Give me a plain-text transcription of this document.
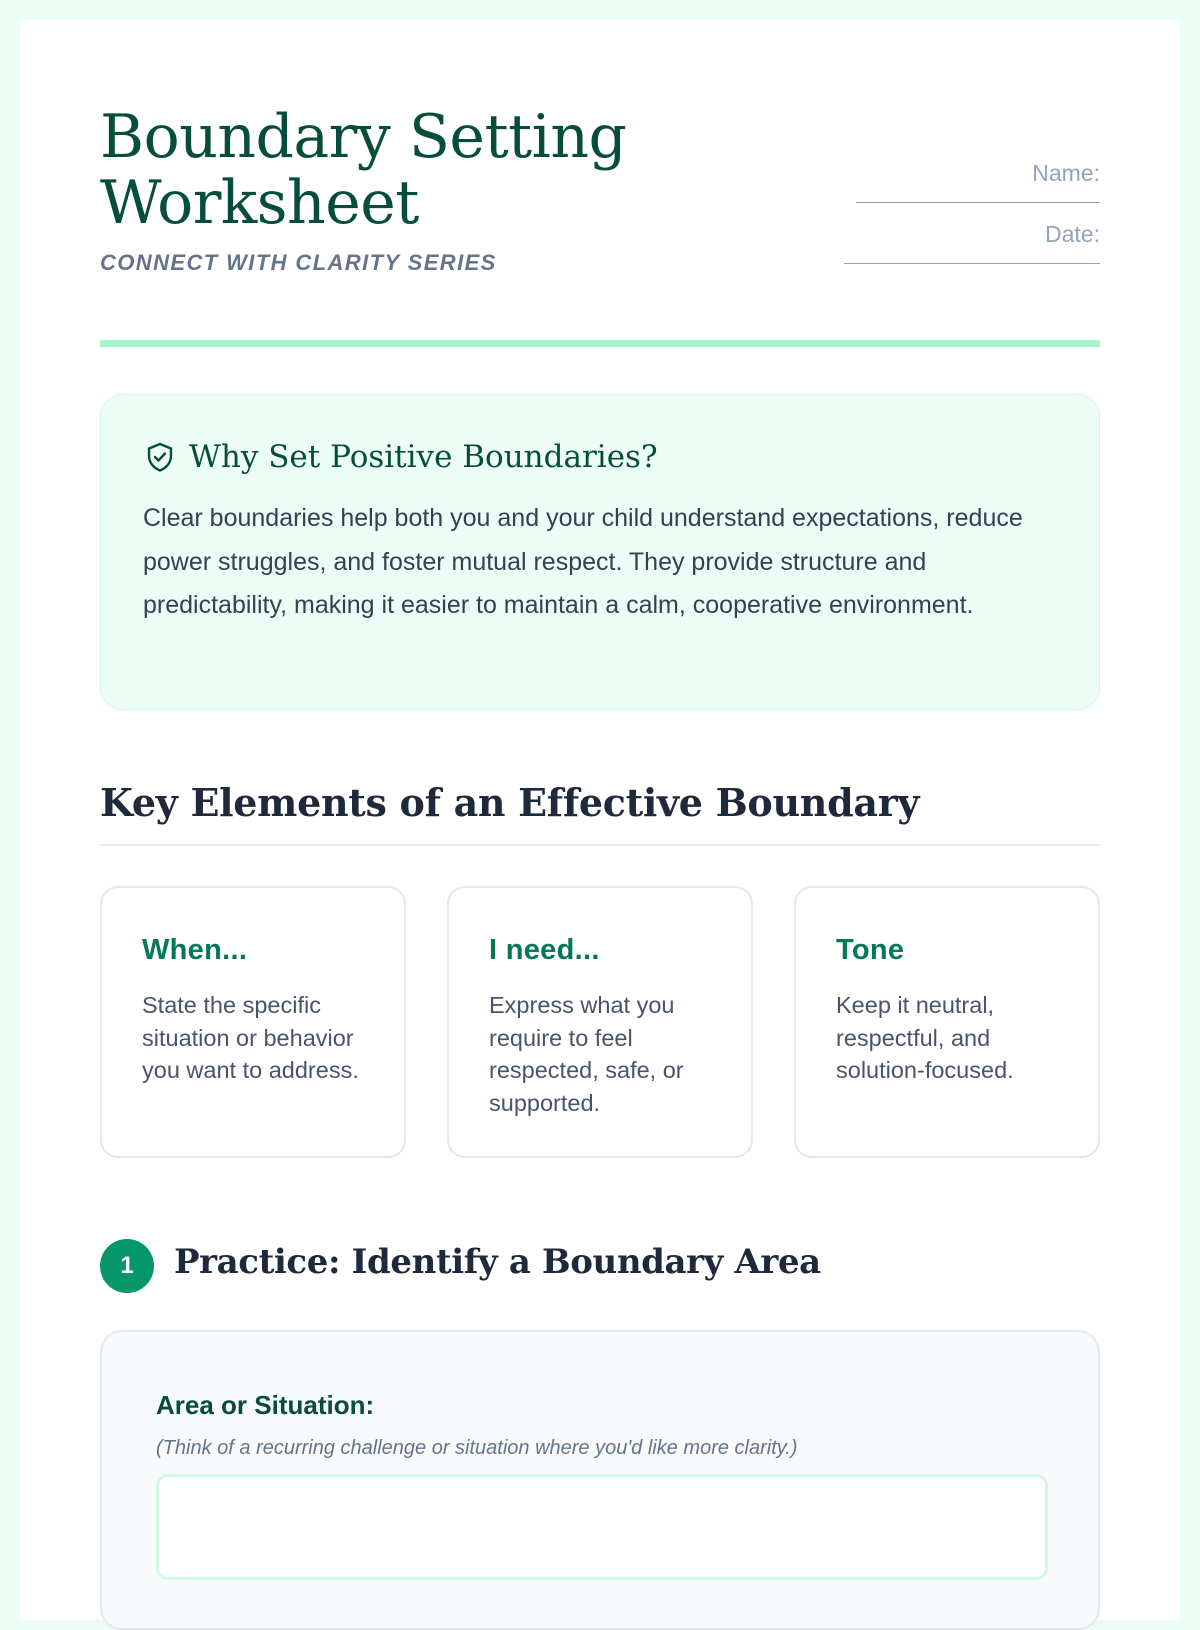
Boundary Setting Worksheet
CONNECT WITH CLARITY SERIES
Name:
Date:
Why Set Positive Boundaries?

Clear boundaries help both you and your child understand expectations, reduce power struggles, and foster mutual respect. They provide structure and predictability, making it easier to maintain a calm, cooperative environment.

Key Elements of an Effective Boundary
When...

State the specific situation or behavior you want to address.

I need...

Express what you require to feel respected, safe, or supported.

Tone

Keep it neutral, respectful, and solution-focused.

1	Practice: Identify a Boundary Area
Area or Situation:
(Think of a recurring challenge or situation where you'd like more clarity.)
